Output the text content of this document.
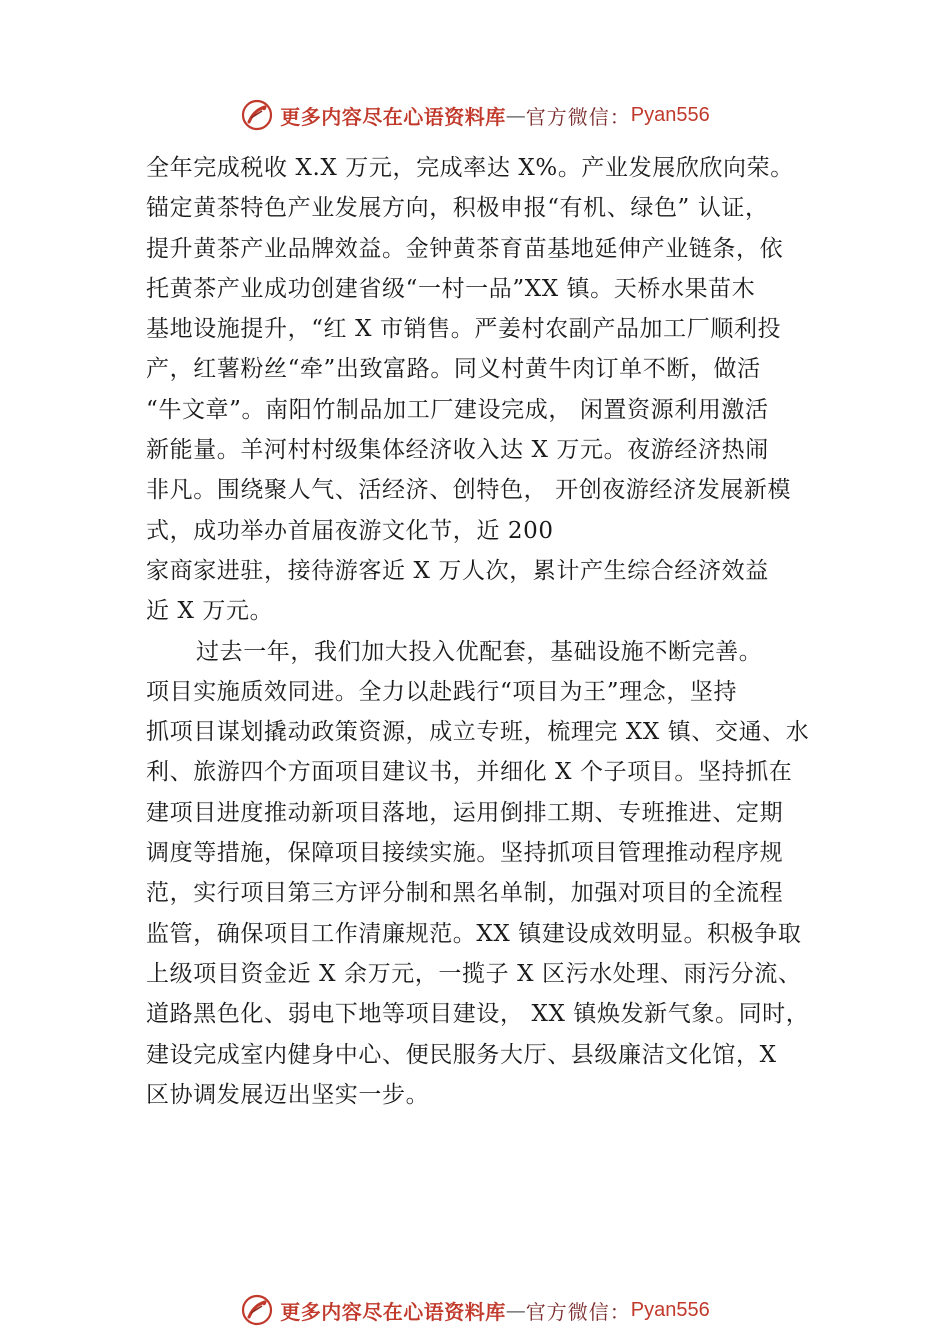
更多内容尽在心语资料库 — 官方微信： Pyan556
全年完成税收 X.X 万元，完成率达 X%。产业发展欣欣向荣。
锚定黄茶特色产业发展方向，积极申报“有机、绿色” 认证，
提升黄茶产业品牌效益。金钟黄茶育苗基地延伸产业链条，依
托黄茶产业成功创建省级“一村一品”XX 镇。天桥水果苗木
基地设施提升，“红 X 市销售。严姜村农副产品加工厂顺利投
产，红薯粉丝“牵”出致富路。同义村黄牛肉订单不断，做活
“牛文章”。南阳竹制品加工厂建设完成， 闲置资源利用激活
新能量。羊河村村级集体经济收入达 X 万元。夜游经济热闹
非凡。围绕聚人气、活经济、创特色， 开创夜游经济发展新模
式，成功举办首届夜游文化节，近 200
家商家进驻，接待游客近 X 万人次，累计产生综合经济效益
近 X 万元。
过去一年，我们加大投入优配套，基础设施不断完善。
项目实施质效同进。全力以赴践行“项目为王”理念，坚持
抓项目谋划撬动政策资源，成立专班，梳理完 XX 镇、交通、水
利、旅游四个方面项目建议书，并细化 X 个子项目。坚持抓在
建项目进度推动新项目落地，运用倒排工期、专班推进、定期
调度等措施，保障项目接续实施。坚持抓项目管理推动程序规
范，实行项目第三方评分制和黑名单制，加强对项目的全流程
监管，确保项目工作清廉规范。XX 镇建设成效明显。积极争取
上级项目资金近 X 余万元，一揽子 X 区污水处理、雨污分流、
道路黑色化、弱电下地等项目建设， XX 镇焕发新气象。同时，
建设完成室内健身中心、便民服务大厅、县级廉洁文化馆，X
区协调发展迈出坚实一步。
更多内容尽在心语资料库 — 官方微信： Pyan556
